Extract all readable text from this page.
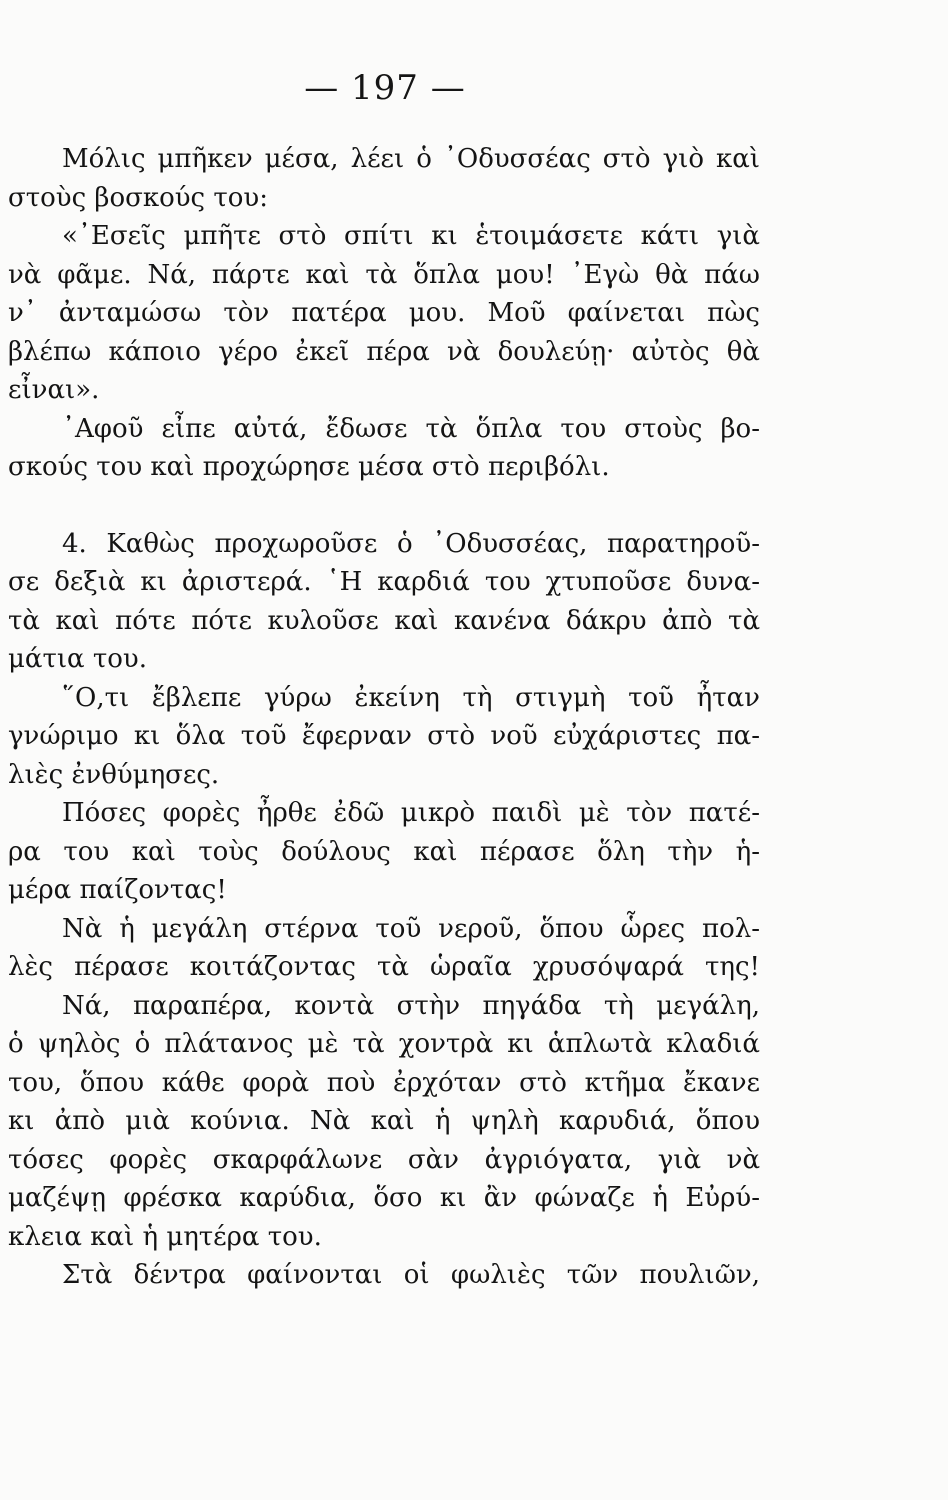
— 197 —
Μόλις μπῆκεν μέσα, λέει ὁ ᾿Οδυσσέας στὸ γιὸ καὶ
στοὺς βοσκούς του:
«᾿Εσεῖς μπῆτε στὸ σπίτι κι ἑτοιμάσετε κάτι γιὰ
νὰ φᾶμε. Νά, πάρτε καὶ τὰ ὅπλα μου! ᾿Εγὼ θὰ πάω
ν᾿ ἀνταμώσω τὸν πατέρα μου. Μοῦ φαίνεται πὼς
βλέπω κάποιο γέρο ἐκεῖ πέρα νὰ δουλεύῃ· αὐτὸς θὰ
εἶναι».
᾿Αφοῦ εἶπε αὐτά, ἔδωσε τὰ ὅπλα του στοὺς βο-
σκούς του καὶ προχώρησε μέσα στὸ περιβόλι.
4. Καθὼς προχωροῦσε ὁ ᾿Οδυσσέας, παρατηροῦ-
σε δεξιὰ κι ἀριστερά. ῾Η καρδιά του χτυποῦσε δυνα-
τὰ καὶ πότε πότε κυλοῦσε καὶ κανένα δάκρυ ἀπὸ τὰ
μάτια του.
῞Ο,τι ἔβλεπε γύρω ἐκείνη τὴ στιγμὴ τοῦ ἦταν
γνώριμο κι ὅλα τοῦ ἔφερναν στὸ νοῦ εὐχάριστες πα-
λιὲς ἐνθύμησες.
Πόσες φορὲς ἦρθε ἐδῶ μικρὸ παιδὶ μὲ τὸν πατέ-
ρα του καὶ τοὺς δούλους καὶ πέρασε ὅλη τὴν ἡ-
μέρα παίζοντας!
Νὰ ἡ μεγάλη στέρνα τοῦ νεροῦ, ὅπου ὧρες πολ-
λὲς πέρασε κοιτάζοντας τὰ ὡραῖα χρυσόψαρά της!
Νά, παραπέρα, κοντὰ στὴν πηγάδα τὴ μεγάλη,
ὁ ψηλὸς ὁ πλάτανος μὲ τὰ χοντρὰ κι ἁπλωτὰ κλαδιά
του, ὅπου κάθε φορὰ ποὺ ἐρχόταν στὸ κτῆμα ἔκανε
κι ἀπὸ μιὰ κούνια. Νὰ καὶ ἡ ψηλὴ καρυδιά, ὅπου
τόσες φορὲς σκαρφάλωνε σὰν ἀγριόγατα, γιὰ νὰ
μαζέψῃ φρέσκα καρύδια, ὅσο κι ἂν φώναζε ἡ Εὐρύ-
κλεια καὶ ἡ μητέρα του.
Στὰ δέντρα φαίνονται οἱ φωλιὲς τῶν πουλιῶν,
